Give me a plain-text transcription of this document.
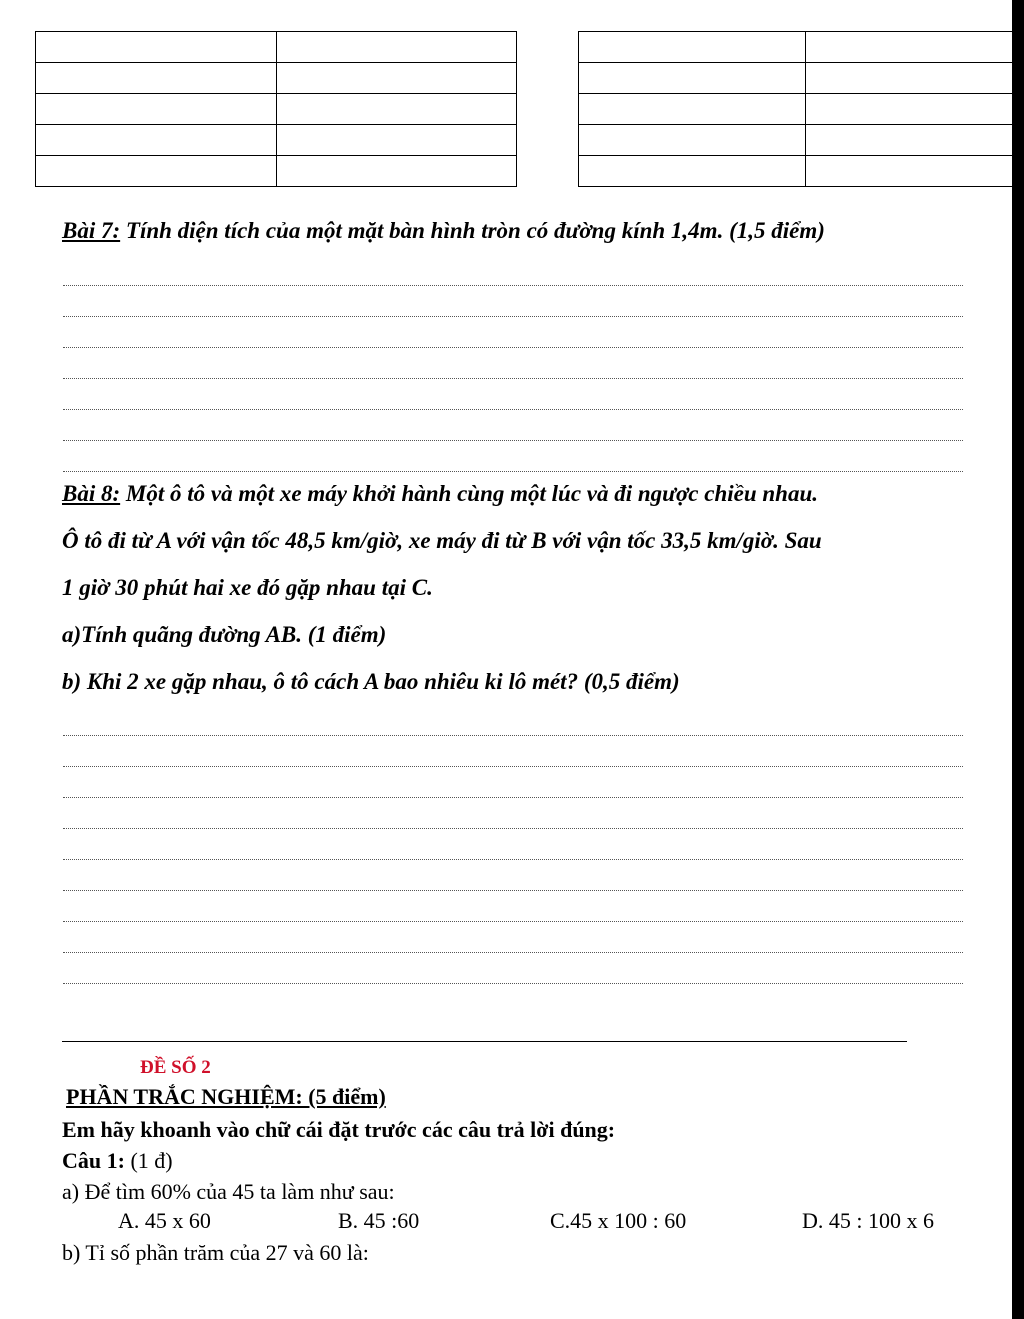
Bài 7: Tính diện tích của một mặt bàn hình tròn có đường kính 1,4m. (1,5 điểm)
Bài 8: Một ô tô và một xe máy khởi hành cùng một lúc và đi ngược chiều nhau.
Ô tô đi từ A với vận tốc 48,5 km/giờ, xe máy đi từ B với vận tốc 33,5 km/giờ. Sau
1 giờ 30 phút hai xe đó gặp nhau tại C.
a)Tính quãng đường AB. (1 điểm)
b) Khi 2 xe gặp nhau, ô tô cách A bao nhiêu ki lô mét? (0,5 điểm)
ĐỀ SỐ 2
PHẦN TRẮC NGHIỆM: (5 điểm)
Em hãy khoanh vào chữ cái đặt trước các câu trả lời đúng:
Câu 1: (1 đ)
a) Để tìm 60% của 45 ta làm như sau:
A. 45 x 60	B. 45 :60	C.45 x 100 : 60	D. 45 : 100 x 6
b) Tỉ số phần trăm của 27 và 60 là:
